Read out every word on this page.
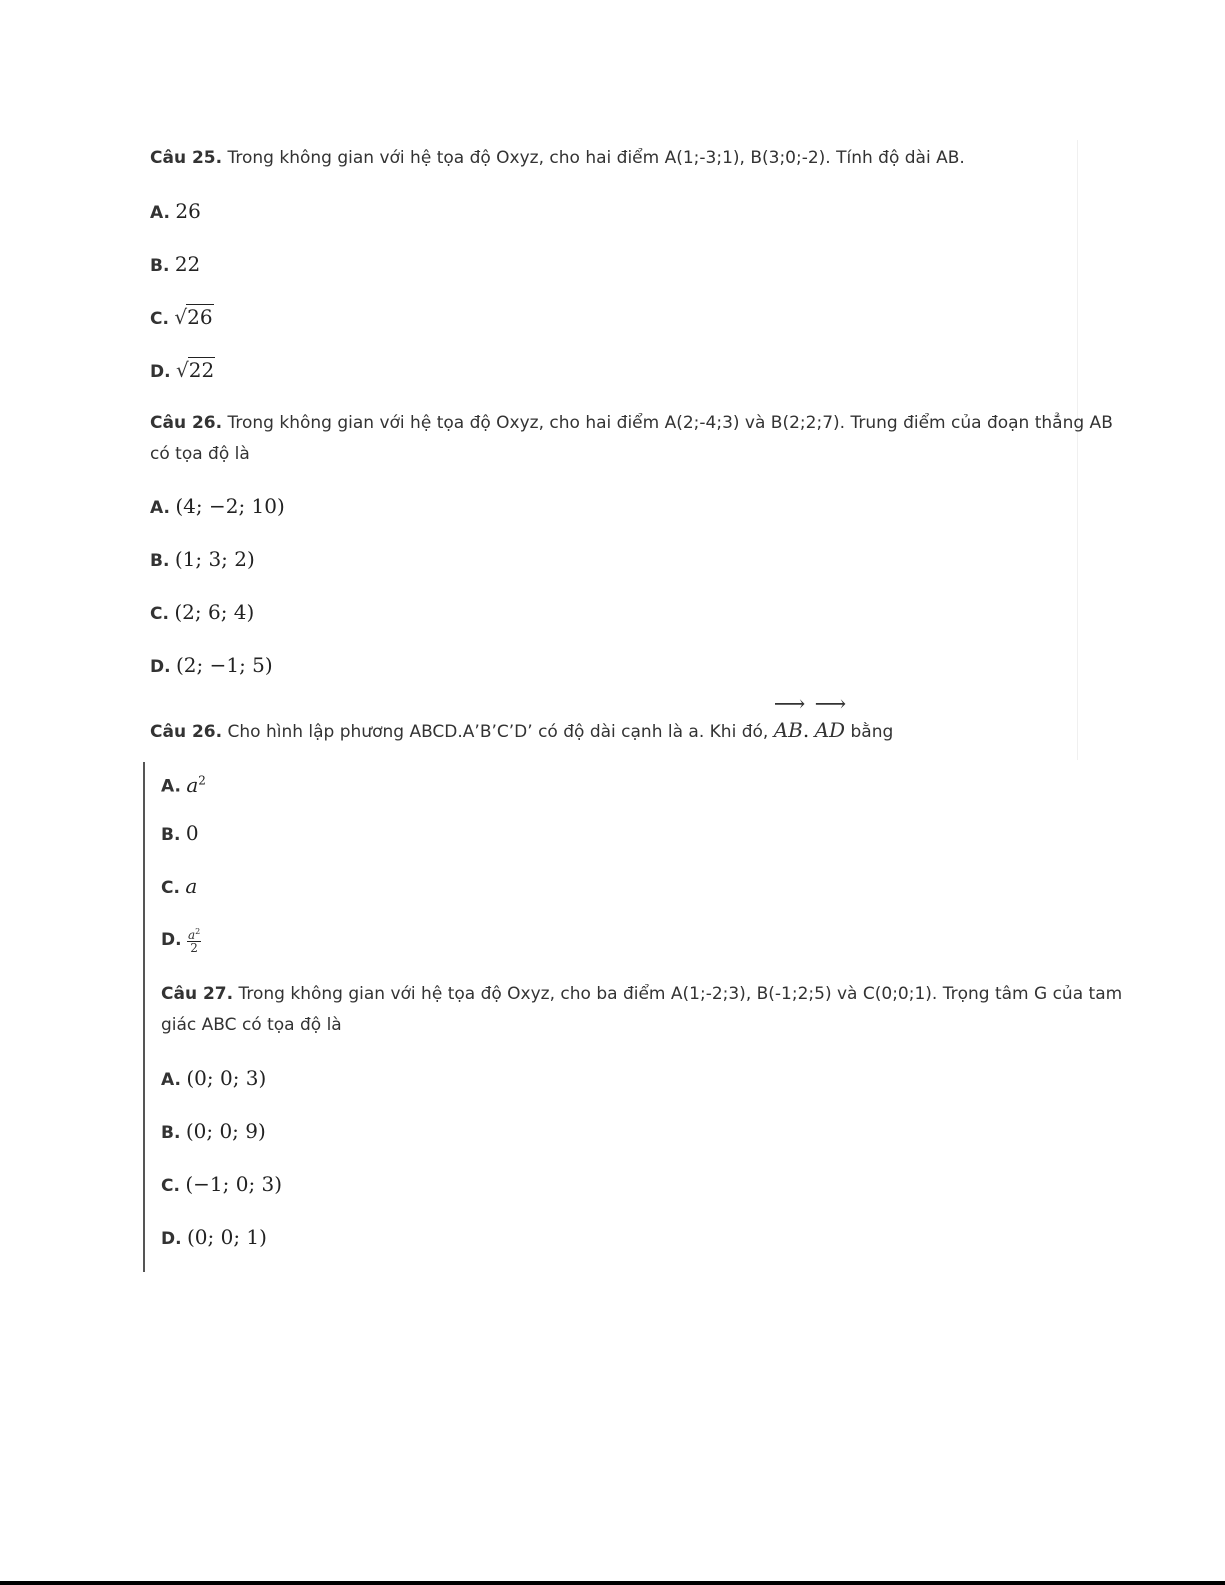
Câu 25. Trong không gian với hệ tọa độ Oxyz, cho hai điểm A(1;-3;1), B(3;0;-2). Tính độ dài AB.
A. 26
B. 22
C. √26
D. √22
Câu 26. Trong không gian với hệ tọa độ Oxyz, cho hai điểm A(2;-4;3) và B(2;2;7). Trung điểm của đoạn thẳng AB
có tọa độ là
A. (4; −2; 10)
B. (1; 3; 2)
C. (2; 6; 4)
D. (2; −1; 5)
Câu 26. Cho hình lập phương ABCD.A’B’C’D’ có độ dài cạnh là a. Khi đó, ⟶ AB. ⟶ AD bằng
A. $a^2$
B. 0
C. a
D. $\frac{a^2}{2}$
Câu 27. Trong không gian với hệ tọa độ Oxyz, cho ba điểm A(1;-2;3), B(-1;2;5) và C(0;0;1). Trọng tâm G của tam
giác ABC có tọa độ là
A. (0; 0; 3)
B. (0; 0; 9)
C. (−1; 0; 3)
D. (0; 0; 1)
